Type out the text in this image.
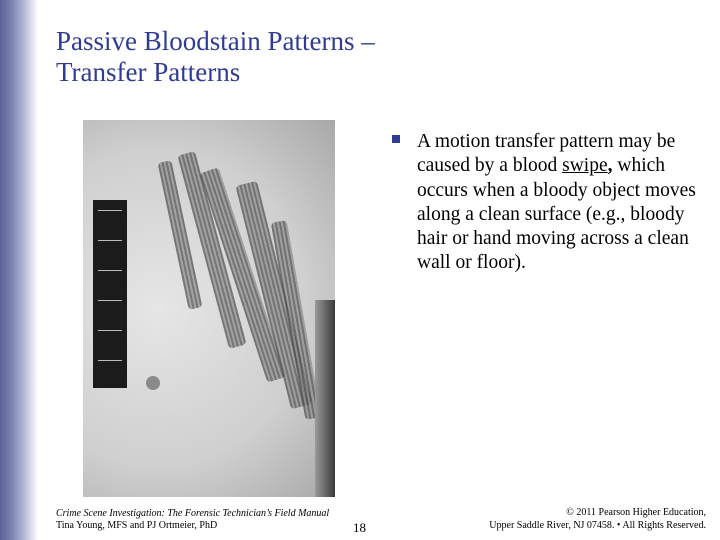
Passive Bloodstain Patterns –
Transfer Patterns
A motion transfer pattern may be caused by a blood swipe, which occurs when a bloody object moves along a clean surface (e.g., bloody hair or hand moving across a clean wall or floor).
Crime Scene Investigation: The Forensic Technician’s Field Manual
Tina Young, MFS and PJ Ortmeier, PhD	18
© 2011 Pearson Higher Education,
Upper Saddle River, NJ 07458. • All Rights Reserved.
